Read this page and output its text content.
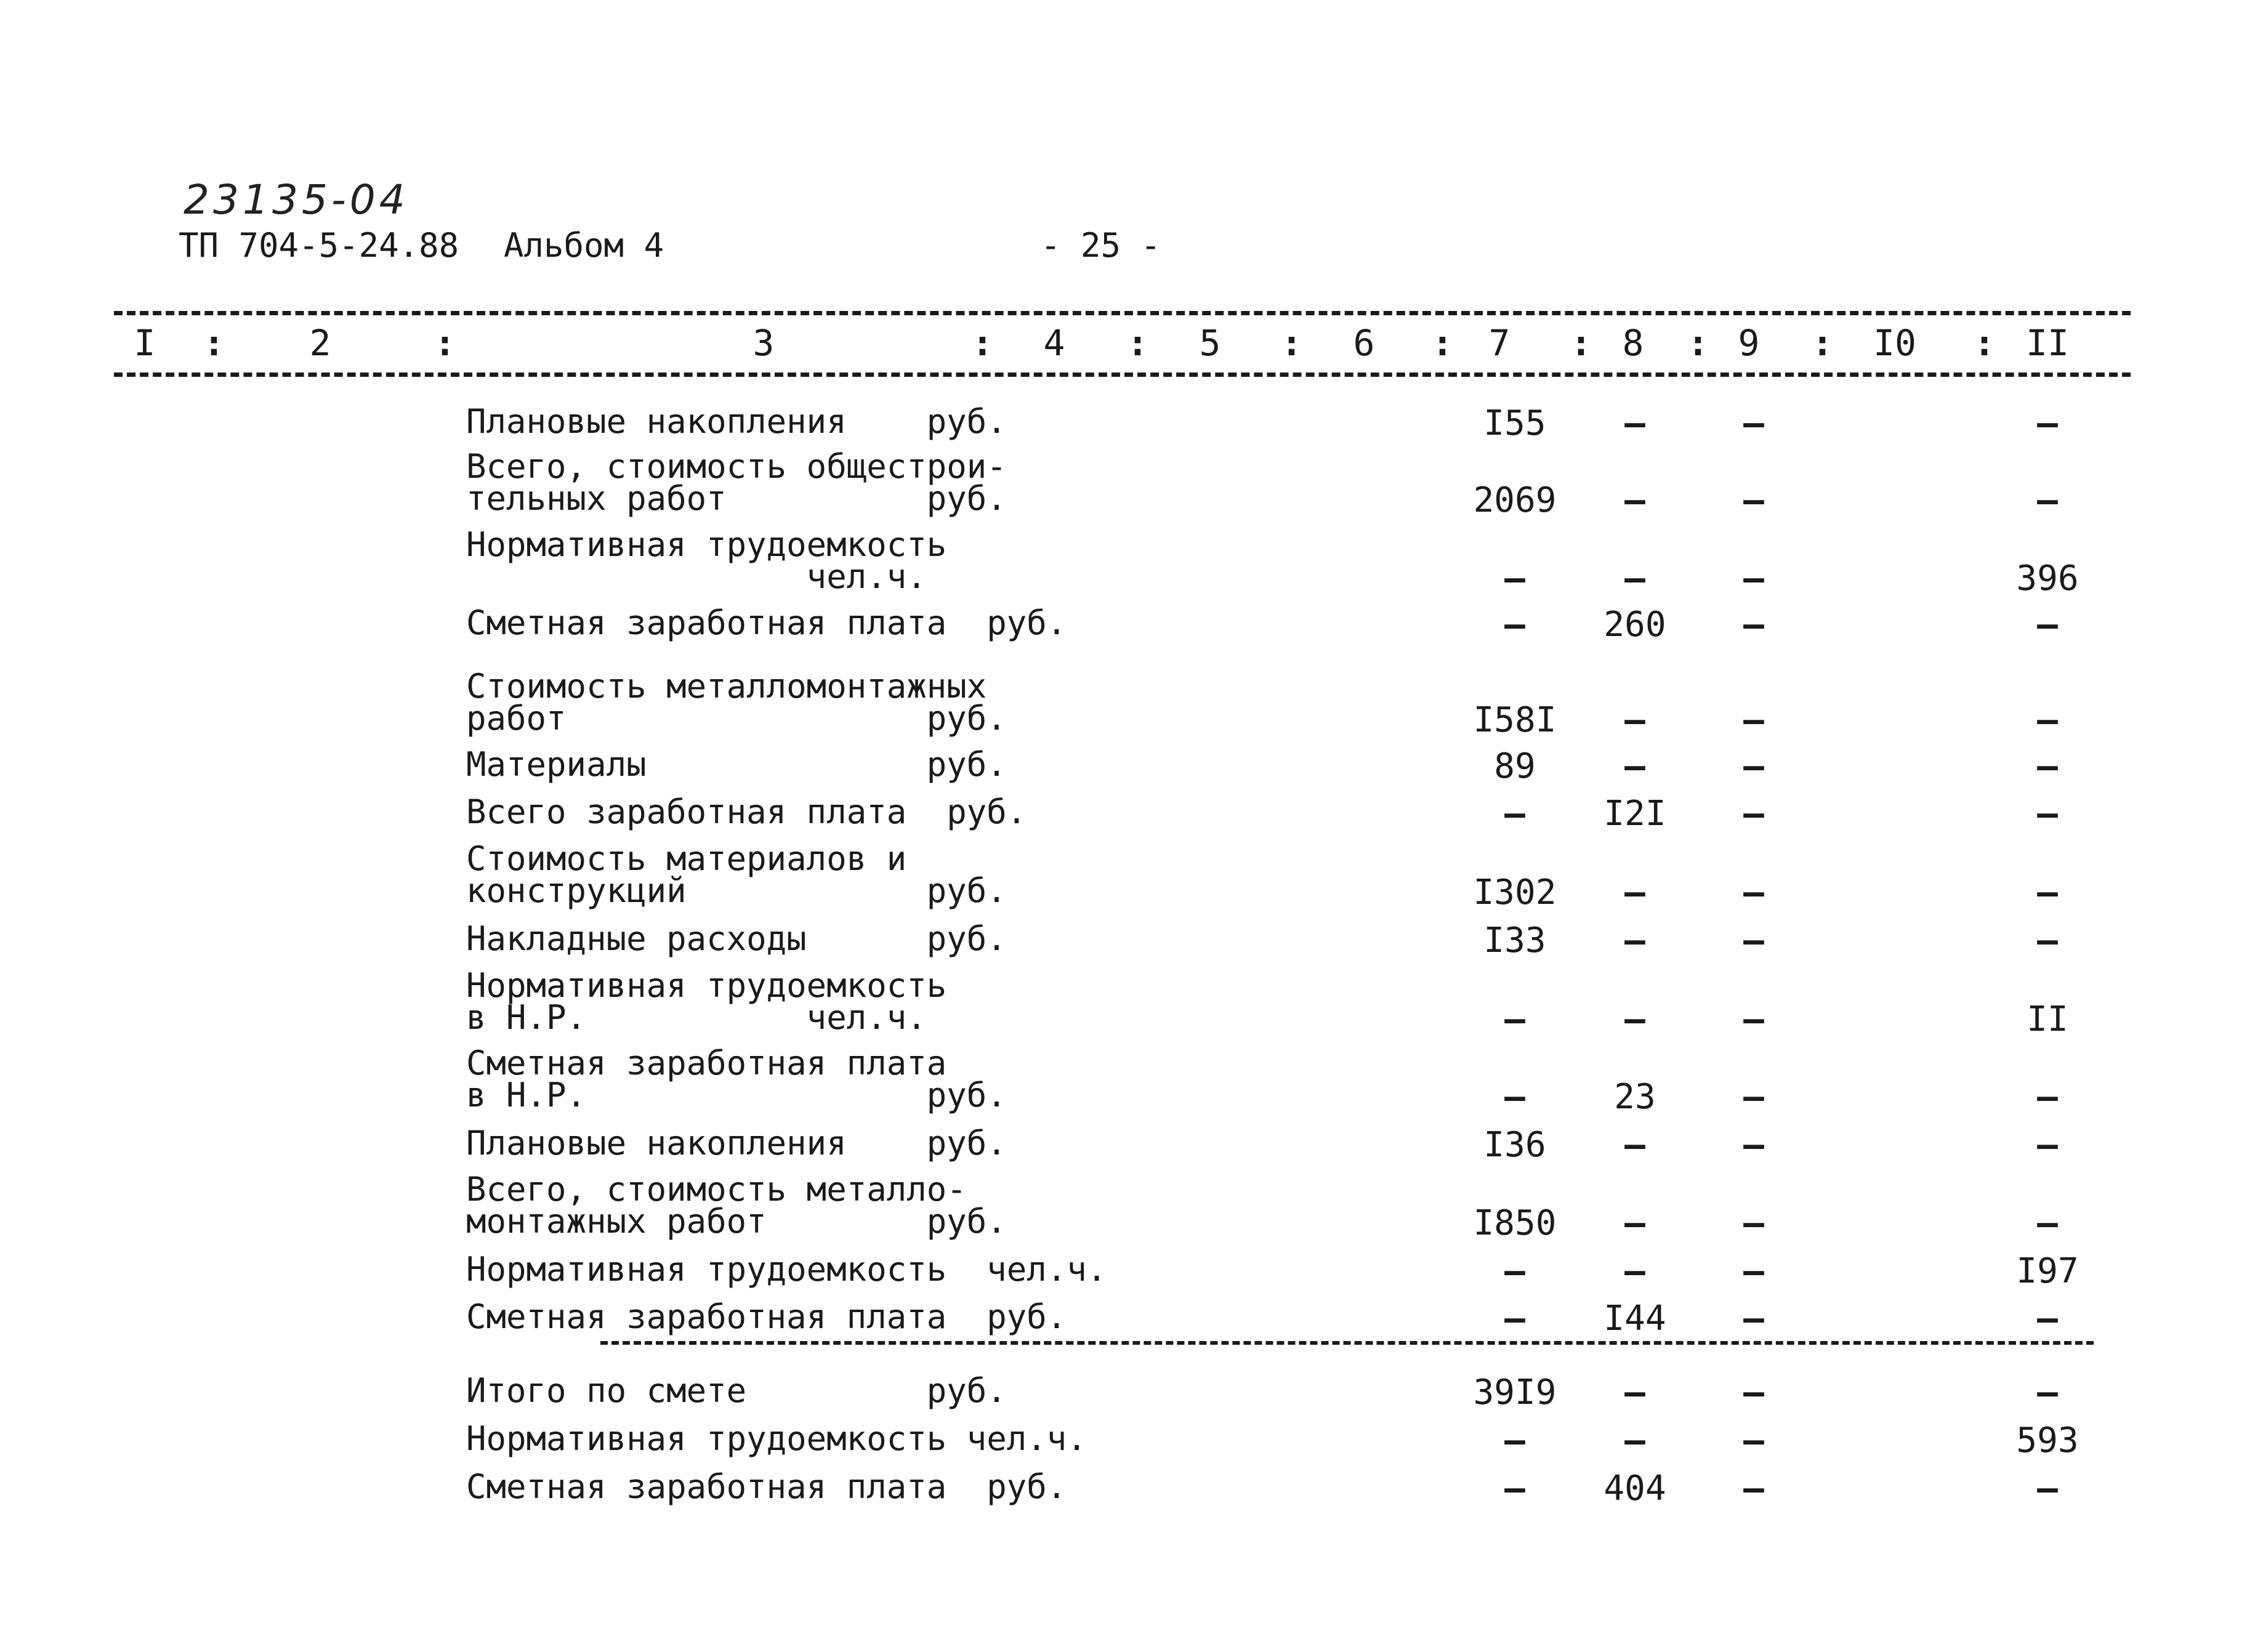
23135-04
ТП 704-5-24.88 Альбом 4	- 25 -
I	2	3	4	5	6	7	8	9	I0	II
:	:	:	:	:	:	:	:	:	:
Плановые накопления    руб.	I55	–	–	–
Всего, стоимость общестрои-
тельных работ          руб.	2069	–	–	–
Нормативная трудоемкость
чел.ч.	–	–	–	396
Сметная заработная плата  руб.	–	260	–	–
Стоимость металломонтажных
работ                  руб.	I58I	–	–	–
Материалы              руб.	89	–	–	–
Всего заработная плата  руб.	–	I2I	–	–
Стоимость материалов и
конструкций            руб.	I302	–	–	–
Накладные расходы      руб.	I33	–	–	–
Нормативная трудоемкость
в Н.Р.           чел.ч.	–	–	–	II
Сметная заработная плата
в Н.Р.                 руб.	–	23	–	–
Плановые накопления    руб.	I36	–	–	–
Всего, стоимость металло-
монтажных работ        руб.	I850	–	–	–
Нормативная трудоемкость  чел.ч.	–	–	–	I97
Сметная заработная плата  руб.	–	I44	–	–
Итого по смете         руб.	39I9	–	–	–
Нормативная трудоемкость чел.ч.	–	–	–	593
Сметная заработная плата  руб.	–	404	–	–
